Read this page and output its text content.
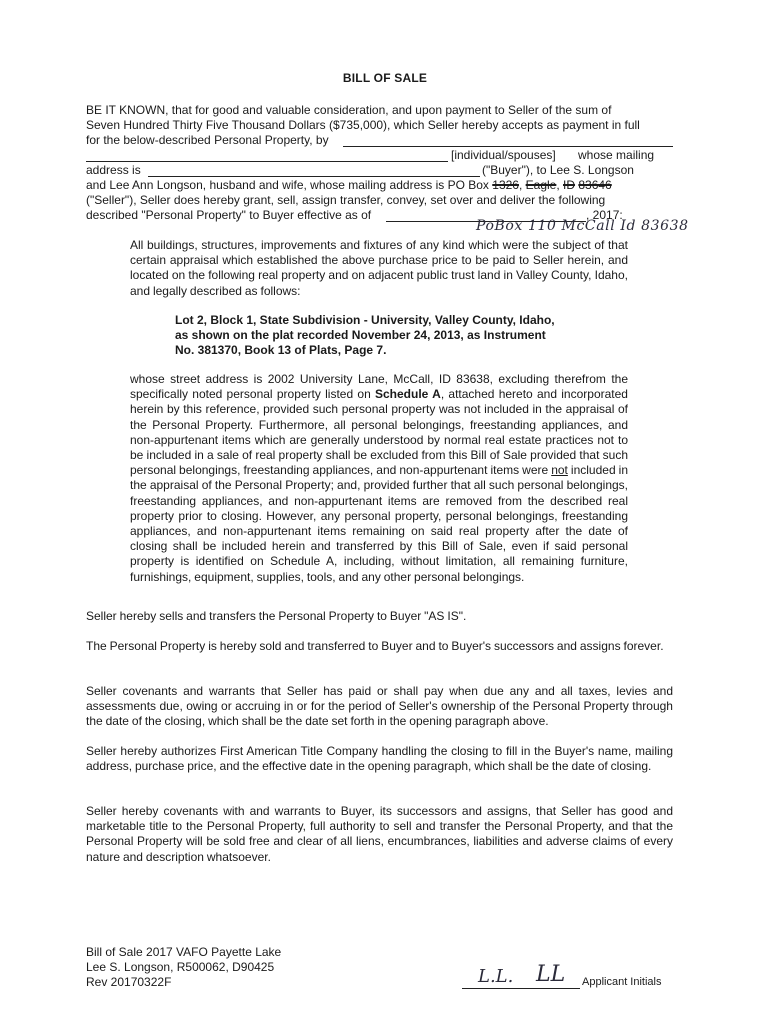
BILL OF SALE
BE IT KNOWN, that for good and valuable consideration, and upon payment to Seller of the sum of
Seven Hundred Thirty Five Thousand Dollars ($735,000), which Seller hereby accepts as payment in full
for the below-described Personal Property, by
[individual/spouses] whose mailing
address is	("Buyer"), to Lee S. Longson
and Lee Ann Longson, husband and wife, whose mailing address is PO Box 1326, Eagle, ID 83646
("Seller"), Seller does hereby grant, sell, assign transfer, convey, set over and deliver the following
described "Personal Property" to Buyer effective as of	, 2017:
PoBox 110 McCall Id 83638
All buildings, structures, improvements and fixtures of any kind which were the subject of that certain appraisal which established the above purchase price to be paid to Seller herein, and located on the following real property and on adjacent public trust land in Valley County, Idaho, and legally described as follows:
Lot 2, Block 1, State Subdivision - University, Valley County, Idaho,
as shown on the plat recorded November 24, 2013, as Instrument
No. 381370, Book 13 of Plats, Page 7.
whose street address is 2002 University Lane, McCall, ID 83638, excluding therefrom the specifically noted personal property listed on Schedule A, attached hereto and incorporated herein by this reference, provided such personal property was not included in the appraisal of the Personal Property. Furthermore, all personal belongings, freestanding appliances, and non-appurtenant items which are generally understood by normal real estate practices not to be included in a sale of real property shall be excluded from this Bill of Sale provided that such personal belongings, freestanding appliances, and non-appurtenant items were not included in the appraisal of the Personal Property; and, provided further that all such personal belongings, freestanding appliances, and non-appurtenant items are removed from the described real property prior to closing. However, any personal property, personal belongings, freestanding appliances, and non-appurtenant items remaining on said real property after the date of closing shall be included herein and transferred by this Bill of Sale, even if said personal property is identified on Schedule A, including, without limitation, all remaining furniture, furnishings, equipment, supplies, tools, and any other personal belongings.
Seller hereby sells and transfers the Personal Property to Buyer "AS IS".
The Personal Property is hereby sold and transferred to Buyer and to Buyer's successors and assigns forever.
Seller covenants and warrants that Seller has paid or shall pay when due any and all taxes, levies and assessments due, owing or accruing in or for the period of Seller's ownership of the Personal Property through the date of the closing, which shall be the date set forth in the opening paragraph above.
Seller hereby authorizes First American Title Company handling the closing to fill in the Buyer's name, mailing address, purchase price, and the effective date in the opening paragraph, which shall be the date of closing.
Seller hereby covenants with and warrants to Buyer, its successors and assigns, that Seller has good and marketable title to the Personal Property, full authority to sell and transfer the Personal Property, and that the Personal Property will be sold free and clear of all liens, encumbrances, liabilities and adverse claims of every nature and description whatsoever.
Bill of Sale 2017 VAFO Payette Lake
Lee S. Longson, R500062, D90425
Rev 20170322F	L.L. LL Applicant Initials
